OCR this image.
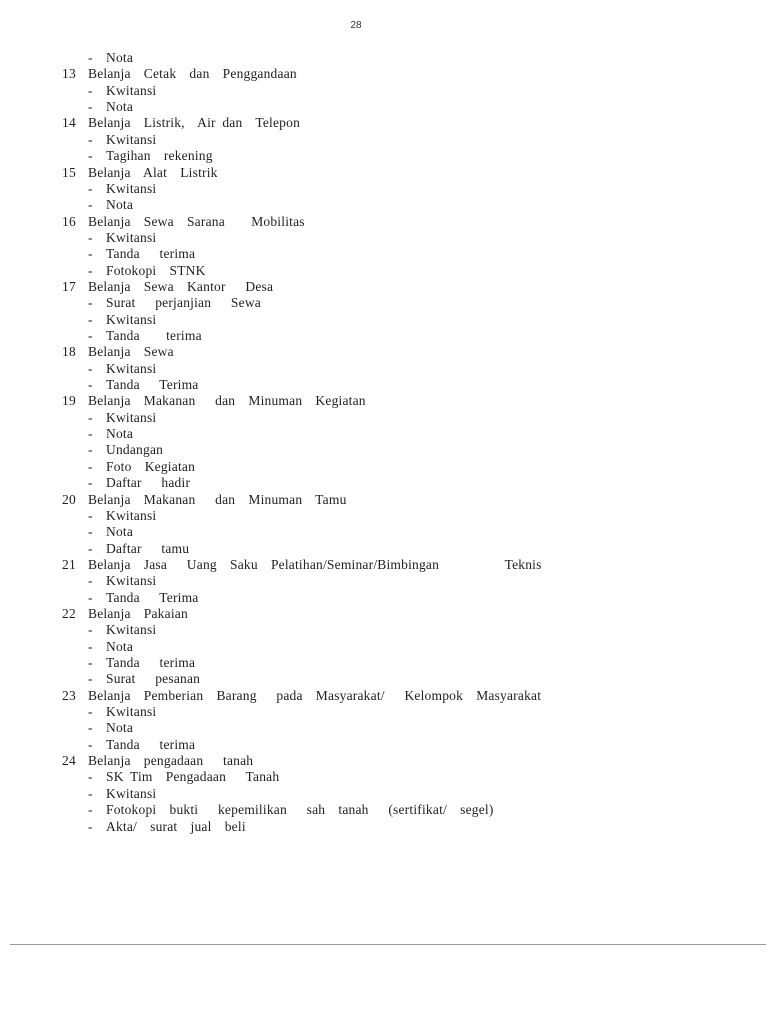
28
- Nota
13 Belanja  Cetak  dan  Penggandaan
- Kwitansi
- Nota
14 Belanja  Listrik,  Air dan  Telepon
- Kwitansi
- Tagihan  rekening
15 Belanja  Alat  Listrik
- Kwitansi
- Nota
16 Belanja  Sewa  Sarana    Mobilitas
- Kwitansi
- Tanda   terima
- Fotokopi  STNK
17 Belanja  Sewa  Kantor   Desa
- Surat   perjanjian   Sewa
- Kwitansi
- Tanda    terima
18 Belanja  Sewa
- Kwitansi
- Tanda   Terima
19 Belanja  Makanan   dan  Minuman  Kegiatan
- Kwitansi
- Nota
- Undangan
- Foto  Kegiatan
- Daftar   hadir
20 Belanja  Makanan   dan  Minuman  Tamu
- Kwitansi
- Nota
- Daftar   tamu
21 Belanja  Jasa   Uang  Saku  Pelatihan/Seminar/Bimbingan          Teknis
- Kwitansi
- Tanda   Terima
22 Belanja  Pakaian
- Kwitansi
- Nota
- Tanda   terima
- Surat   pesanan
23 Belanja  Pemberian  Barang   pada  Masyarakat/   Kelompok  Masyarakat
- Kwitansi
- Nota
- Tanda   terima
24 Belanja  pengadaan   tanah
- SK Tim  Pengadaan   Tanah
- Kwitansi
- Fotokopi  bukti   kepemilikan   sah  tanah   (sertifikat/  segel)
- Akta/  surat  jual  beli
